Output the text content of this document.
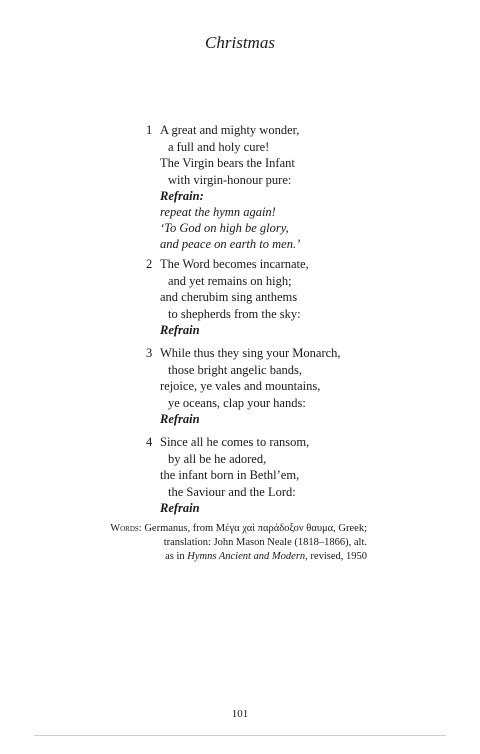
Christmas
1 A great and mighty wonder,
a full and holy cure!
The Virgin bears the Infant
with virgin-honour pure:
Refrain:
repeat the hymn again!
‘To God on high be glory,
and peace on earth to men.’
2 The Word becomes incarnate,
and yet remains on high;
and cherubim sing anthems
to shepherds from the sky:
Refrain
3 While thus they sing your Monarch,
those bright angelic bands,
rejoice, ye vales and mountains,
ye oceans, clap your hands:
Refrain
4 Since all he comes to ransom,
by all be he adored,
the infant born in Bethl’em,
the Saviour and the Lord:
Refrain
Words: Germanus, from Μέγα χαὶ παράδοξον θαυμα, Greek;
translation: John Mason Neale (1818–1866), alt.
as in Hymns Ancient and Modern, revised, 1950
101
